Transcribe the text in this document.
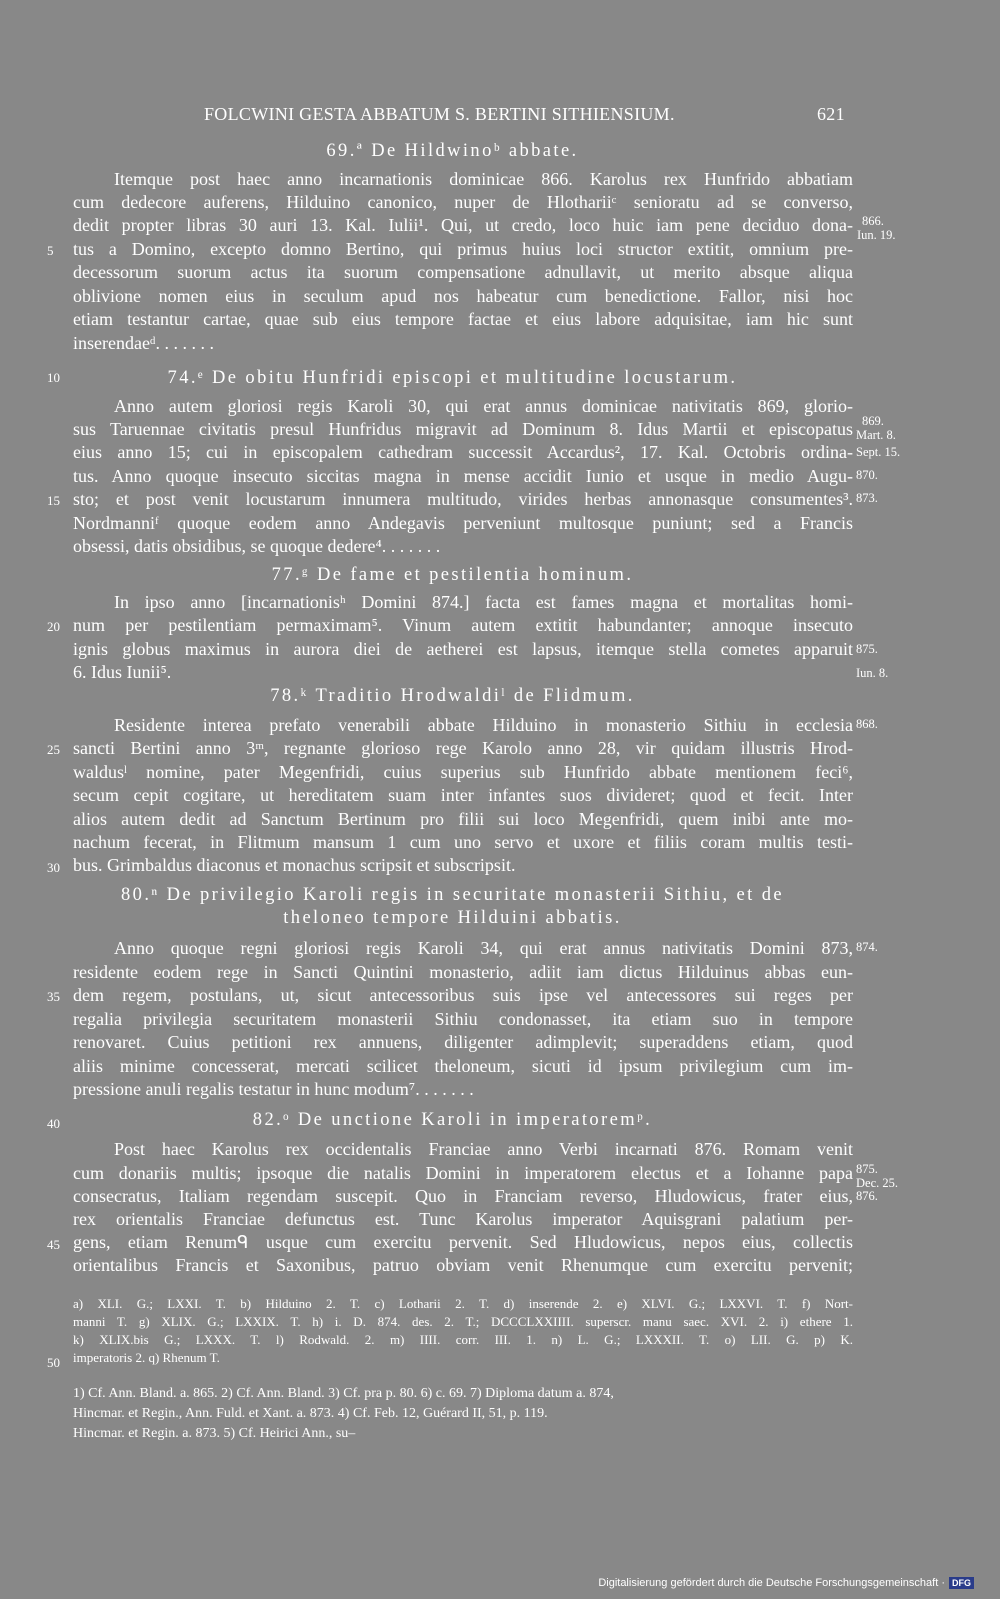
FOLCWINI GESTA ABBATUM S. BERTINI SITHIENSIUM.	621
69.ª De Hildwinoᵇ abbate.
Itemque post haec anno incarnationis dominicae 866. Karolus rex Hunfrido abbatiam
cum dedecore auferens, Hilduino canonico, nuper de Hlothariiᶜ senioratu ad se converso,
dedit propter libras 30 auri 13. Kal. Iulii¹. Qui, ut credo, loco huic iam pene deciduo dona-
tus a Domino, excepto domno Bertino, qui primus huius loci structor extitit, omnium pre-
decessorum suorum actus ita suorum compensatione adnullavit, ut merito absque aliqua
oblivione nomen eius in seculum apud nos habeatur cum benedictione. Fallor, nisi hoc
etiam testantur cartae, quae sub eius tempore factae et eius labore adquisitae, iam hic sunt
inserendaeᵈ. . . . . . .
74.ᵉ De obitu Hunfridi episcopi et multitudine locustarum.
Anno autem gloriosi regis Karoli 30, qui erat annus dominicae nativitatis 869, glorio-
sus Taruennae civitatis presul Hunfridus migravit ad Dominum 8. Idus Martii et episcopatus
eius anno 15; cui in episcopalem cathedram successit Accardus², 17. Kal. Octobris ordina-
tus. Anno quoque insecuto siccitas magna in mense accidit Iunio et usque in medio Augu-
sto; et post venit locustarum innumera multitudo, virides herbas annonasque consumentes³.
Nordmanniᶠ quoque eodem anno Andegavis perveniunt multosque puniunt; sed a Francis
obsessi, datis obsidibus, se quoque dedere⁴. . . . . . .
77.ᵍ De fame et pestilentia hominum.
In ipso anno [incarnationisʰ Domini 874.] facta est fames magna et mortalitas homi-
num per pestilentiam permaximam⁵. Vinum autem extitit habundanter; annoque insecuto
ignis globus maximus in aurora diei de aetherei est lapsus, itemque stella cometes apparuit
6. Idus Iunii⁵.
78.ᵏ Traditio Hrodwaldiˡ de Flidmum.
Residente interea prefato venerabili abbate Hilduino in monasterio Sithiu in ecclesia
sancti Bertini anno 3ᵐ, regnante glorioso rege Karolo anno 28, vir quidam illustris Hrod-
waldusˡ nomine, pater Megenfridi, cuius superius sub Hunfrido abbate mentionem feci⁶,
secum cepit cogitare, ut hereditatem suam inter infantes suos divideret; quod et fecit. Inter
alios autem dedit ad Sanctum Bertinum pro filii sui loco Megenfridi, quem inibi ante mo-
nachum fecerat, in Flitmum mansum 1 cum uno servo et uxore et filiis coram multis testi-
bus. Grimbaldus diaconus et monachus scripsit et subscripsit.
80.ⁿ De privilegio Karoli regis in securitate monasterii Sithiu, et de
theloneo tempore Hilduini abbatis.
Anno quoque regni gloriosi regis Karoli 34, qui erat annus nativitatis Domini 873,
residente eodem rege in Sancti Quintini monasterio, adiit iam dictus Hilduinus abbas eun-
dem regem, postulans, ut, sicut antecessoribus suis ipse vel antecessores sui reges per
regalia privilegia securitatem monasterii Sithiu condonasset, ita etiam suo in tempore
renovaret. Cuius petitioni rex annuens, diligenter adimplevit; superaddens etiam, quod
aliis minime concesserat, mercati scilicet theloneum, sicuti id ipsum privilegium cum im-
pressione anuli regalis testatur in hunc modum⁷. . . . . . .
82.ᵒ De unctione Karoli in imperatoremᵖ.
Post haec Karolus rex occidentalis Franciae anno Verbi incarnati 876. Romam venit
cum donariis multis; ipsoque die natalis Domini in imperatorem electus et a Iohanne papa
consecratus, Italiam regendam suscepit. Quo in Franciam reverso, Hludowicus, frater eius,
rex orientalis Franciae defunctus est. Tunc Karolus imperator Aquisgrani palatium per-
gens, etiam Renumᑫ usque cum exercitu pervenit. Sed Hludowicus, nepos eius, collectis
orientalibus Francis et Saxonibus, patruo obviam venit Rhenumque cum exercitu pervenit;
5
10
15
20
25
30
35
40
45
50
866.
Iun. 19.
869.
Mart. 8.
Sept. 15.
870.
873.
875.
Iun. 8.
868.
874.
875.
Dec. 25.
876.
a) XLI. G.; LXXI. T. b) Hilduino 2. T. c) Lotharii 2. T. d) inserende 2. e) XLVI. G.; LXXVI. T. f) Nort-
manni T. g) XLIX. G.; LXXIX. T. h) i. D. 874. des. 2. T.; DCCCLXXIIII. superscr. manu saec. XVI. 2. i) ethere 1.
k) XLIX.bis G.; LXXX. T. l) Rodwald. 2. m) IIII. corr. III. 1. n) L. G.; LXXXII. T. o) LII. G. p) K.
imperatoris 2. q) Rhenum T.
1) Cf. Ann. Bland. a. 865. 2) Cf. Ann. Bland. 3) Cf. pra p. 80. 6) c. 69. 7) Diploma datum a. 874,
Hincmar. et Regin., Ann. Fuld. et Xant. a. 873. 4) Cf. Feb. 12, Guérard II, 51, p. 119.
Hincmar. et Regin. a. 873. 5) Cf. Heirici Ann., su–
Digitalisierung gefördert durch die Deutsche Forschungsgemeinschaft · DFG
